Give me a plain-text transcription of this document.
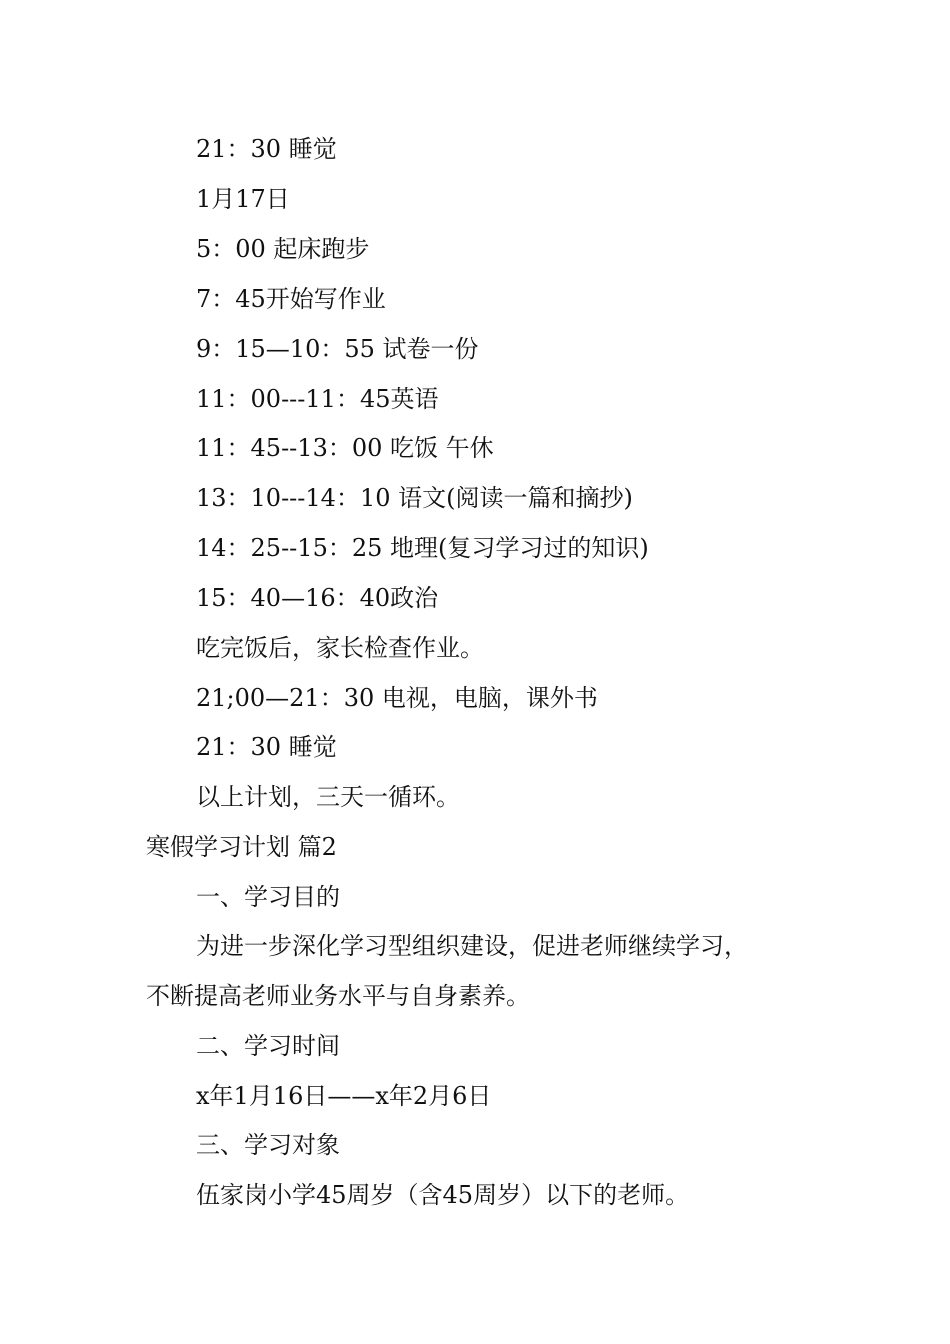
21：30 睡觉
1月17日
5：00 起床跑步
7：45开始写作业
9：15—10：55 试卷一份
11：00---11：45英语
11：45--13：00 吃饭 午休
13：10---14：10 语文(阅读一篇和摘抄)
14：25--15：25 地理(复习学习过的知识)
15：40—16：40政治
吃完饭后，家长检查作业。
21;00—21：30 电视，电脑，课外书
21：30 睡觉
以上计划，三天一循环。
寒假学习计划 篇2
一、学习目的
为进一步深化学习型组织建设，促进老师继续学习，
不断提高老师业务水平与自身素养。
二、学习时间
x年1月16日——x年2月6日
三、学习对象
伍家岗小学45周岁（含45周岁）以下的老师。
